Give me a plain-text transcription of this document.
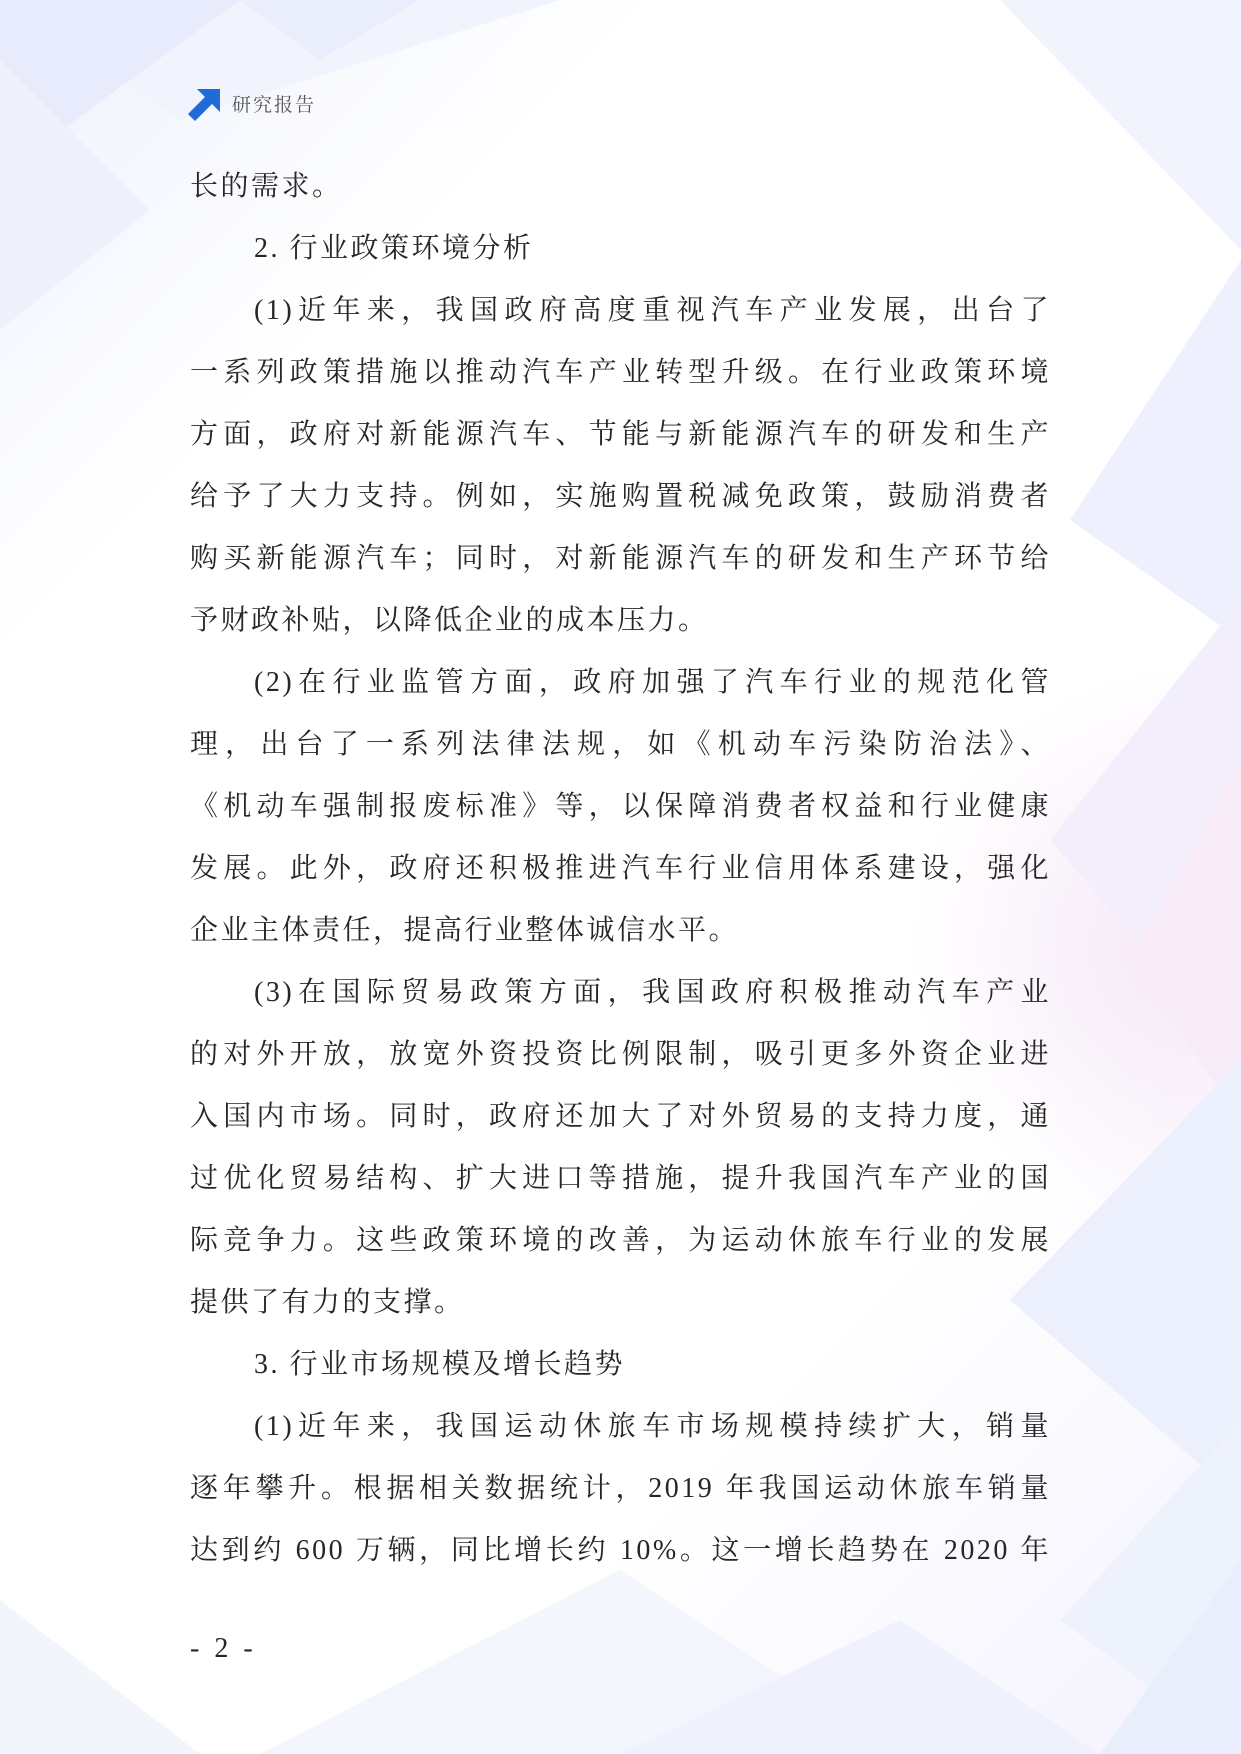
研究报告
长的需求。
2. 行业政策环境分析
(1)近年来，我国政府高度重视汽车产业发展，出台了
一系列政策措施以推动汽车产业转型升级。在行业政策环境
方面，政府对新能源汽车、节能与新能源汽车的研发和生产
给予了大力支持。例如，实施购置税减免政策，鼓励消费者
购买新能源汽车；同时，对新能源汽车的研发和生产环节给
予财政补贴，以降低企业的成本压力。
(2)在行业监管方面，政府加强了汽车行业的规范化管
理，出台了一系列法律法规，如《机动车污染防治法》、
《机动车强制报废标准》等，以保障消费者权益和行业健康
发展。此外，政府还积极推进汽车行业信用体系建设，强化
企业主体责任，提高行业整体诚信水平。
(3)在国际贸易政策方面，我国政府积极推动汽车产业
的对外开放，放宽外资投资比例限制，吸引更多外资企业进
入国内市场。同时，政府还加大了对外贸易的支持力度，通
过优化贸易结构、扩大进口等措施，提升我国汽车产业的国
际竞争力。这些政策环境的改善，为运动休旅车行业的发展
提供了有力的支撑。
3. 行业市场规模及增长趋势
(1)近年来，我国运动休旅车市场规模持续扩大，销量
逐年攀升。根据相关数据统计，2019 年我国运动休旅车销量
达到约 600 万辆，同比增长约 10%。这一增长趋势在 2020 年
- 2 -
